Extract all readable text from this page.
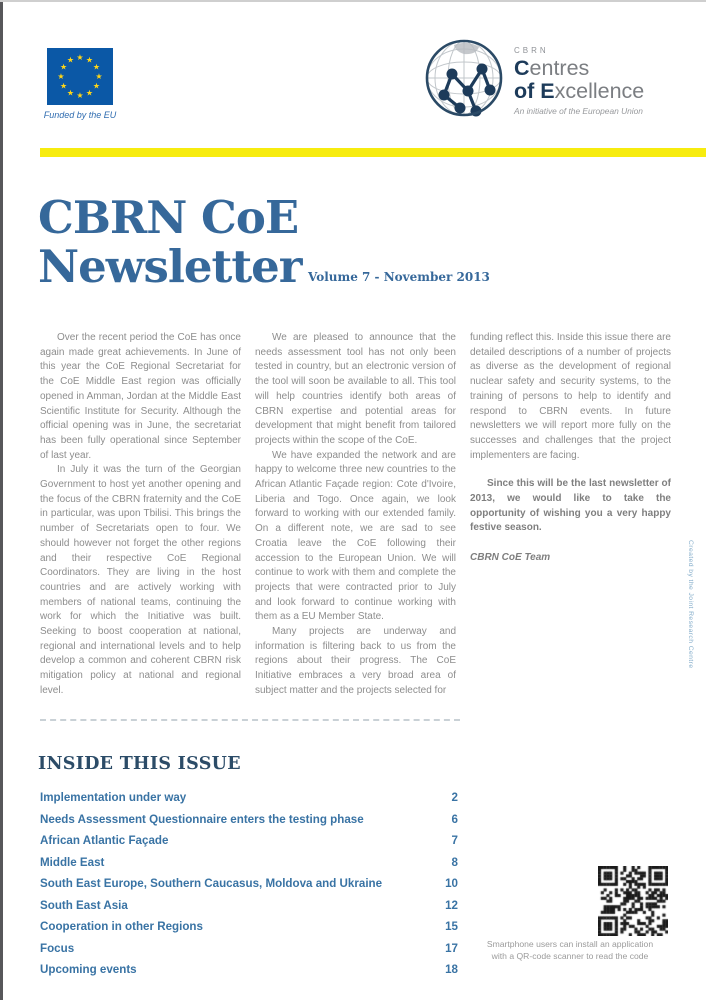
★ ★
★
★
★
★
★
★
★
★
★
★
Funded by the EU
CBRN
Centres
of Excellence
An initiative of the European Union
CBRN CoE
Newsletter Volume 7 - November 2013

Over the recent period the CoE has once again made great achievements. In June of this year the CoE Regional Secretariat for the CoE Middle East region was officially opened in Amman, Jordan at the Middle East Scientific Institute for Security. Although the official opening was in June, the secretariat has been fully operational since September of last year.

In July it was the turn of the Georgian Government to host yet another opening and the focus of the CBRN fraternity and the CoE in particular, was upon Tbilisi. This brings the number of Secretariats open to four. We should however not forget the other regions and their respective CoE Regional Coordinators. They are living in the host countries and are actively working with members of national teams, continuing the work for which the Initiative was built. Seeking to boost cooperation at national, regional and international levels and to help develop a common and coherent CBRN risk mitigation policy at national and regional level.

We are pleased to announce that the needs assessment tool has not only been tested in country, but an electronic version of the tool will soon be available to all. This tool will help countries identify both areas of CBRN expertise and potential areas for development that might benefit from tailored projects within the scope of the CoE.

We have expanded the network and are happy to welcome three new countries to the African Atlantic Façade region: Cote d'Ivoire, Liberia and Togo. Once again, we look forward to working with our extended family. On a different note, we are sad to see Croatia leave the CoE following their accession to the European Union. We will continue to work with them and complete the projects that were contracted prior to July and look forward to continue working with them as a EU Member State.

Many projects are underway and information is filtering back to us from the regions about their progress. The CoE Initiative embraces a very broad area of subject matter and the projects selected for

funding reflect this. Inside this issue there are detailed descriptions of a number of projects as diverse as the development of regional nuclear safety and security systems, to the training of persons to help to identify and respond to CBRN events. In future newsletters we will report more fully on the successes and challenges that the project implementers are facing.

Since this will be the last newsletter of 2013, we would like to take the opportunity of wishing you a very happy festive season.

CBRN CoE Team	Created by the Joint Research Centre
INSIDE THIS ISSUE
Implementation under way	2
Needs Assessment Questionnaire enters the testing phase	6
African Atlantic Façade	7
Middle East	8
South East Europe, Southern Caucasus, Moldova and Ukraine	10
South East Asia	12
Cooperation in other Regions	15
Focus	17
Upcoming events	18
Smartphone users can install an application
with a QR-code scanner to read the code
